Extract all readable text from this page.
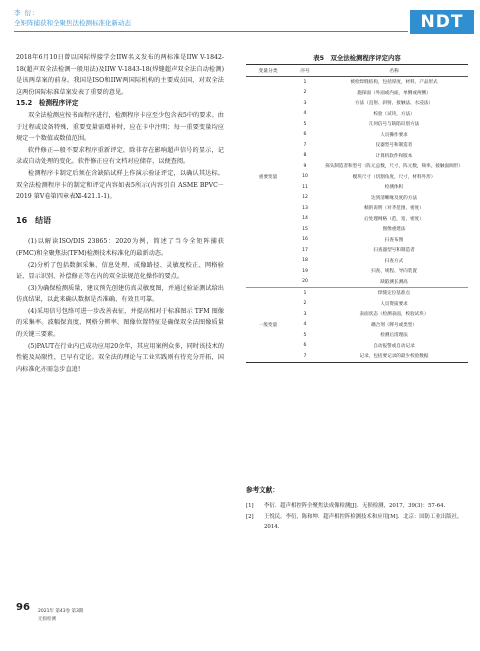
李 衍：
全矩阵捕获和全聚焦法检测标准化新动态	NDT

2018年6月10日曾以国际焊接学会IIW名义发布的两标准是IIW V-1842-18(超声双全法检测一般用法)及IIW V-1843-18(焊缝超声双全法自动检测)是该两草案的前身。我国是ISO和IIW两国际机构的主要成员国，对双全法这两份国际标准草案发表了重要的意见。

15.2　检测程序评定

双全法检测应按书面程序进行，检测程序卡应至少包含表5中的要求。由于过程或设备特殊，重要变量需增补时，应在卡中注明；每一重要变量均应规定一个数值或数值范围。

软件修正—般不要求程序重新评定，除非存在影响超声信号的显示，记录或自动处理的变化。软件修正应有文档对应储存，以便查阅。

检测程序卡制定后须在含缺陷试样上作演示验证评定，以确认其达标。双全法检测程序卡的制定和评定内容如表5所示(内容引自 ASME BPVC－2019 第Ⅴ卷第四章表Ⅺ-421.1-1)。

16　结语

(1)以解读ISO/DIS 23865：2020为例，简述了当今全矩阵捕获(FMC)和全聚焦法(TFM)检测技术标准化的最新动态。

(2)分析了包括数据采集、信息处理、成像路径、灵敏度校正、网格验证、显示识别、补偿修正等在内的双全法规范化操作的要点。

(3)为确保检测质量，建议预先创建仿真灵敏度图，并通过验证测试给出仿真结果，以此来确认数据是否准确、有效且可靠。

(4)采用信号包络可进一步改善表征，并提高相对于标准图示 TFM 图像的采集率。波幅保真度、网格分辨率、图像位置特征是确保双全法图像质量的关键三要素。

(5)PAUT在行业内已成功应用20余年，其应用案例众多，同时该技术的性能及局限性，已早有定论。双全法的理论与工业实践则有待充分开拓，国内标准化亦需急步直追!

表5　双全法检测程序评定内容
变量分类	序号	名称
	1	被检焊缝结构，包括厚度，材料，产品形式
	2	施探面（外面或内面，单侧或两侧）
	3	方法（直射、斜射、接触法、水浸法）
	4	校验（试块，方法）
	5	几何信号与缺陷识别方法
	6	人员操作要求
	7	仪器型号和制造者
	8	计算机软件和版本
	9	探头制造者和型号（阵元总数，尺寸，阵元数，频率，接触面阀形）
重要变量	10	楔块尺寸（切割角度，尺寸，材料外形）
	11	检测体积
	12	达到清晰缘及度的方法
	13	帧的说明（对齐范围，密度）
	14	后处理网格（范，宽，密度）
	15	图像重建法
	16	扫查布图
	17	扫查器型号和制造者
	18	扫查方式
	19	扫查、规程、导向装置
	20	缺陷测长测高
	1	焊缝定位基准点
	2	人员资质要求
	3	表面状态（检测表面，校验试块）
一般变量	4	耦合剂（牌号或类型）
	5	检测后清理法
	6	自动报警或自动记录
	7	记录，包括要记录的最少校验数据
参考文献：
[1]	李衍．超声相控阵全聚焦法成像检测[J]．无损检测，2017，39(3)：57-64.
[2]	王悦民，李衍，陈和坤．超声相控阵检测技术和应用[M]．北京：国防工业出版社，2014.
96 2021年 第43卷 第3期
无损检测
